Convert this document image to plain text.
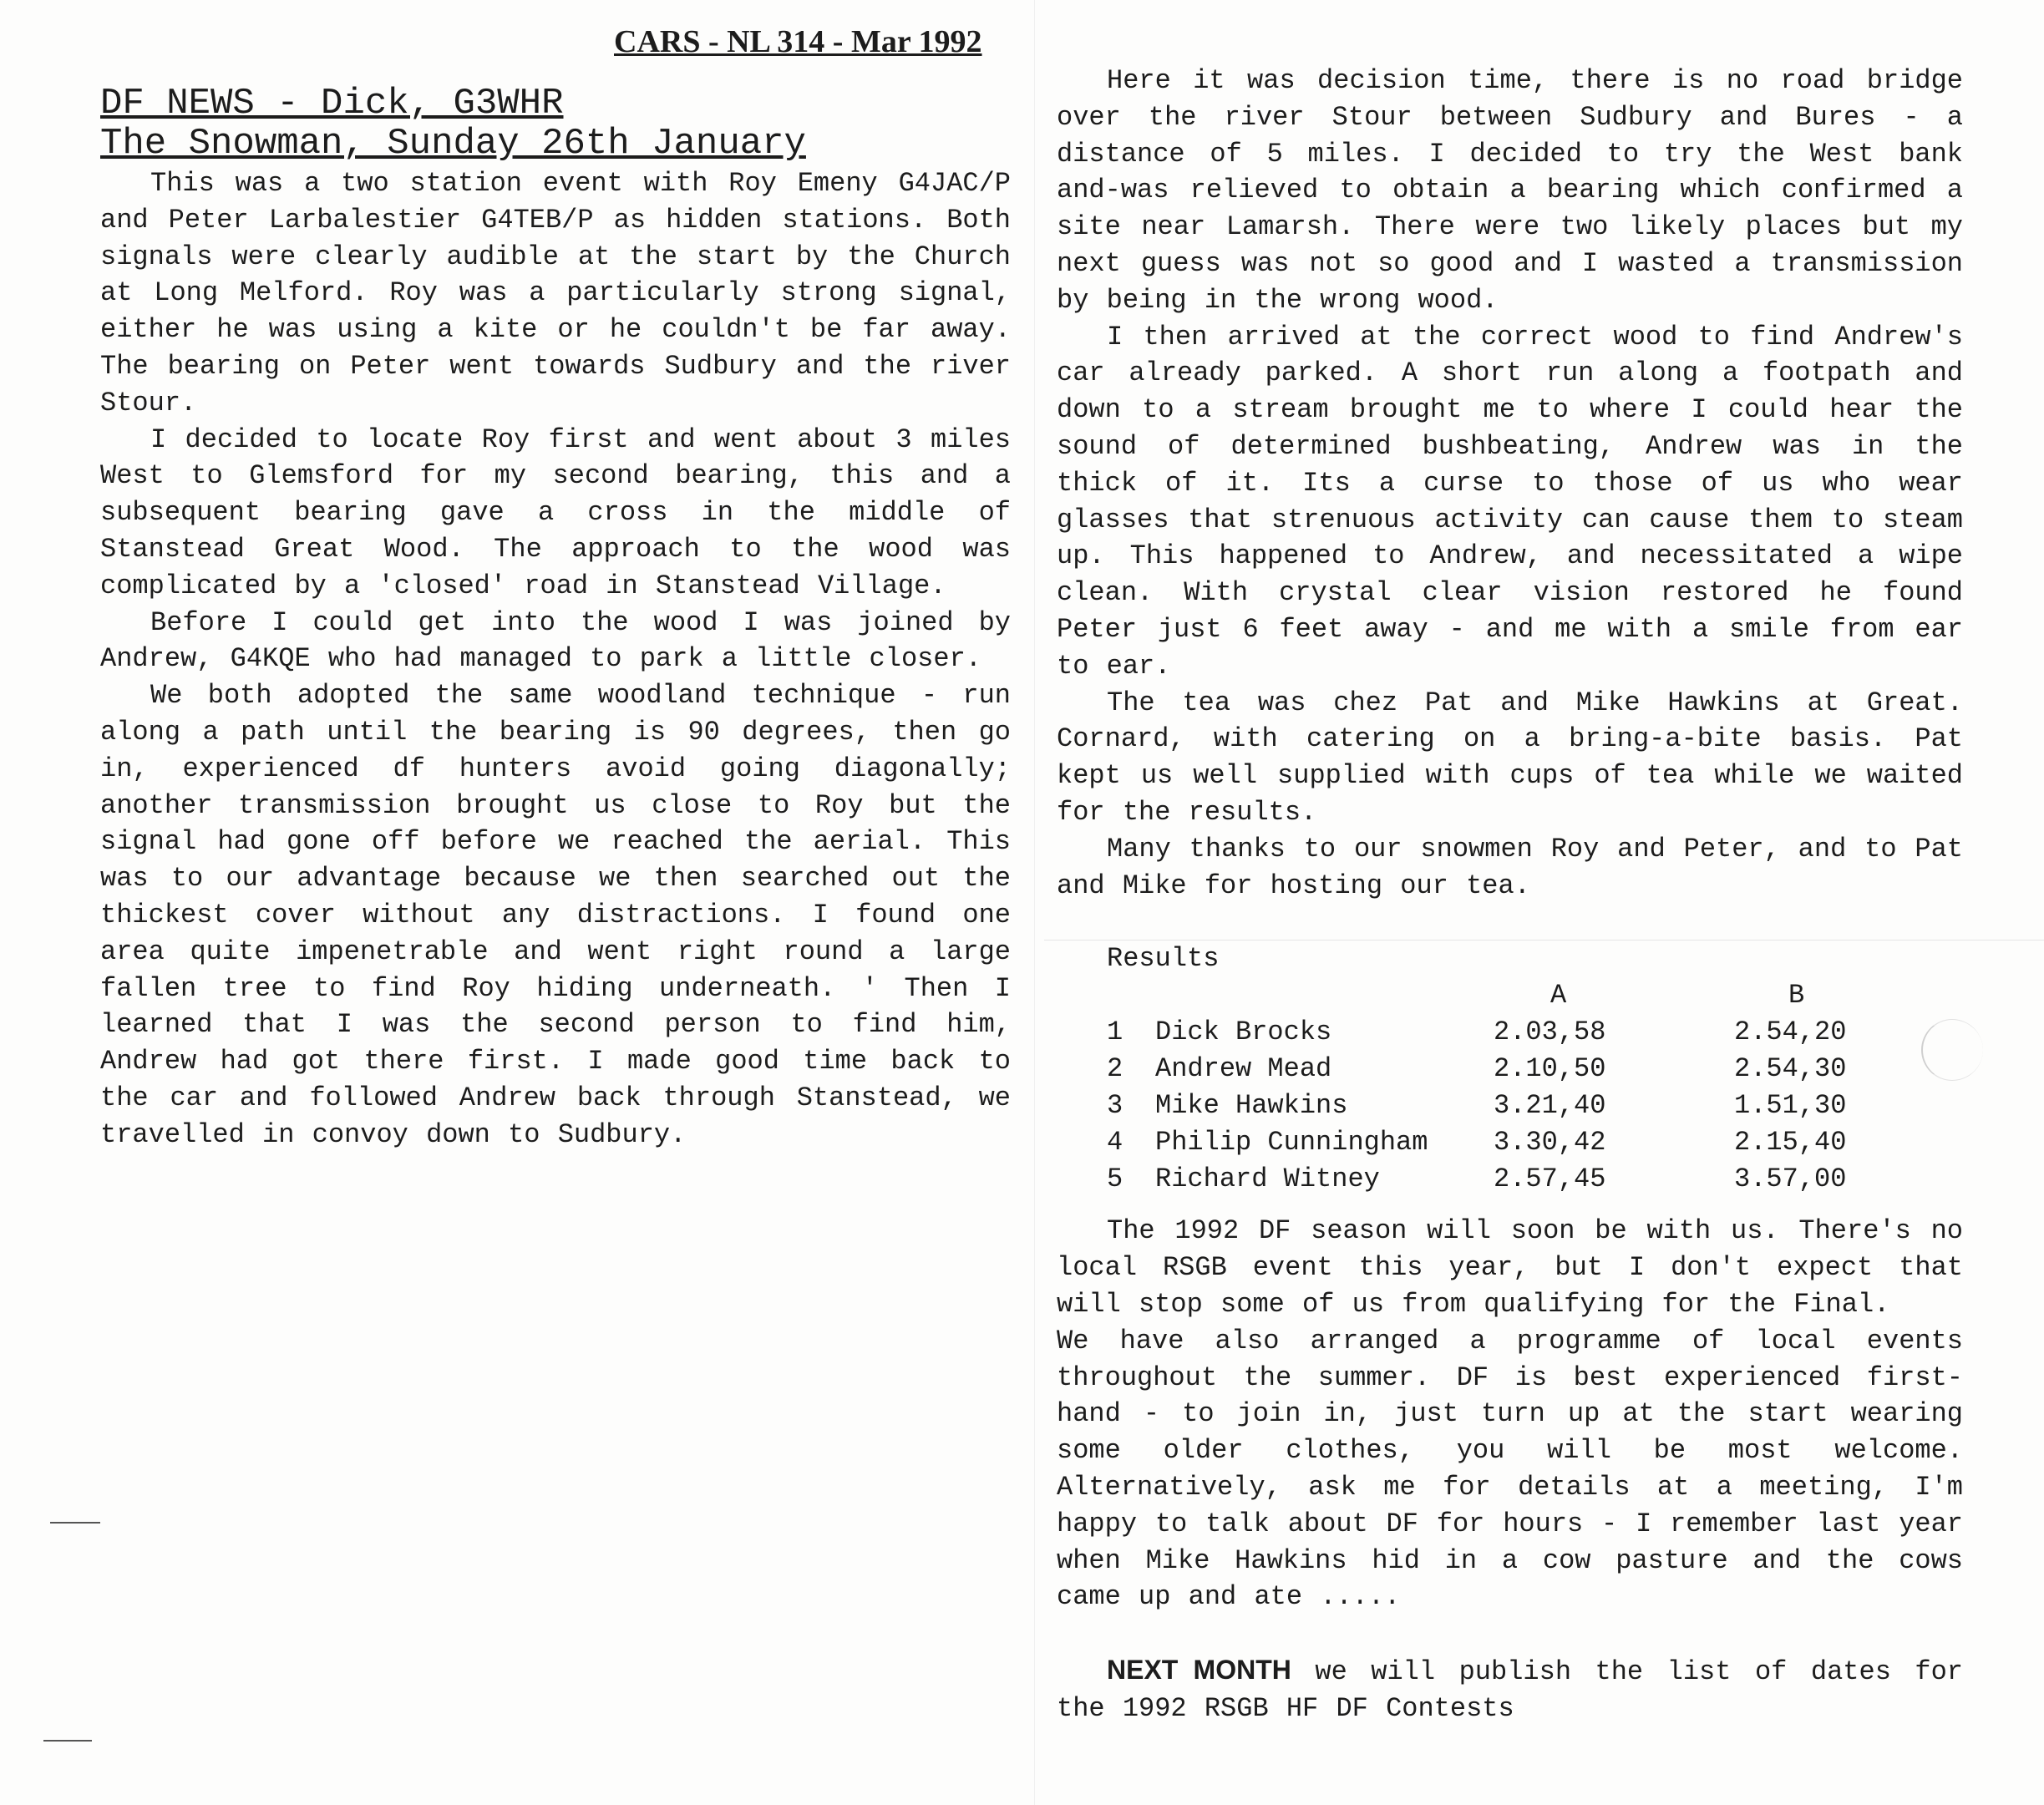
CARS - NL 314 - Mar 1992
DF NEWS - Dick, G3WHR
The Snowman, Sunday 26th January

This was a two station event with Roy Emeny G4JAC/P and Peter Larbalestier G4TEB/P as hidden stations. Both signals were clearly audible at the start by the Church at Long Melford. Roy was a particularly strong signal, either he was using a kite or he couldn't be far away. The bearing on Peter went towards Sudbury and the river Stour.

I decided to locate Roy first and went about 3 miles West to Glemsford for my second bearing, this and a subsequent bearing gave a cross in the middle of Stanstead Great Wood. The approach to the wood was complicated by a 'closed' road in Stanstead Village.

Before I could get into the wood I was joined by Andrew, G4KQE who had managed to park a little closer.

We both adopted the same woodland technique - run along a path until the bearing is 90 degrees, then go in, experienced df hunters avoid going diagonally; another transmission brought us close to Roy but the signal had gone off before we reached the aerial. This was to our advantage because we then searched out the thickest cover without any distractions. I found one area quite impenetrable and went right round a large fallen tree to find Roy hiding underneath. ' Then I learned that I was the second person to find him, Andrew had got there first. I made good time back to the car and followed Andrew back through Stanstead, we travelled in convoy down to Sudbury.

Here it was decision time, there is no road bridge over the river Stour between Sudbury and Bures - a distance of 5 miles. I decided to try the West bank and-was relieved to obtain a bearing which confirmed a site near Lamarsh. There were two likely places but my next guess was not so good and I wasted a transmission by being in the wrong wood.

I then arrived at the correct wood to find Andrew's car already parked. A short run along a footpath and down to a stream brought me to where I could hear the sound of determined bushbeating, Andrew was in the thick of it. Its a curse to those of us who wear glasses that strenuous activity can cause them to steam up. This happened to Andrew, and necessitated a wipe clean. With crystal clear vision restored he found Peter just 6 feet away - and me with a smile from ear to ear.

The tea was chez Pat and Mike Hawkins at Great. Cornard, with catering on a bring-a-bite basis. Pat kept us well supplied with cups of tea while we waited for the results.

Many thanks to our snowmen Roy and Peter, and to Pat and Mike for hosting our tea.

Results
		A	B
1	Dick Brocks	2.03,58	2.54,20
2	Andrew Mead	2.10,50	2.54,30
3	Mike Hawkins	3.21,40	1.51,30
4	Philip Cunningham	3.30,42	2.15,40
5	Richard Witney	2.57,45	3.57,00

The 1992 DF season will soon be with us. There's no local RSGB event this year, but I don't expect that will stop some of us from qualifying for the Final.

We have also arranged a programme of local events throughout the summer. DF is best experienced first-hand - to join in, just turn up at the start wearing some older clothes, you will be most welcome. Alternatively, ask me for details at a meeting, I'm happy to talk about DF for hours - I remember last year when Mike Hawkins hid in a cow pasture and the cows came up and ate .....

NEXT MONTH we will publish the list of dates for the 1992 RSGB HF DF Contests
